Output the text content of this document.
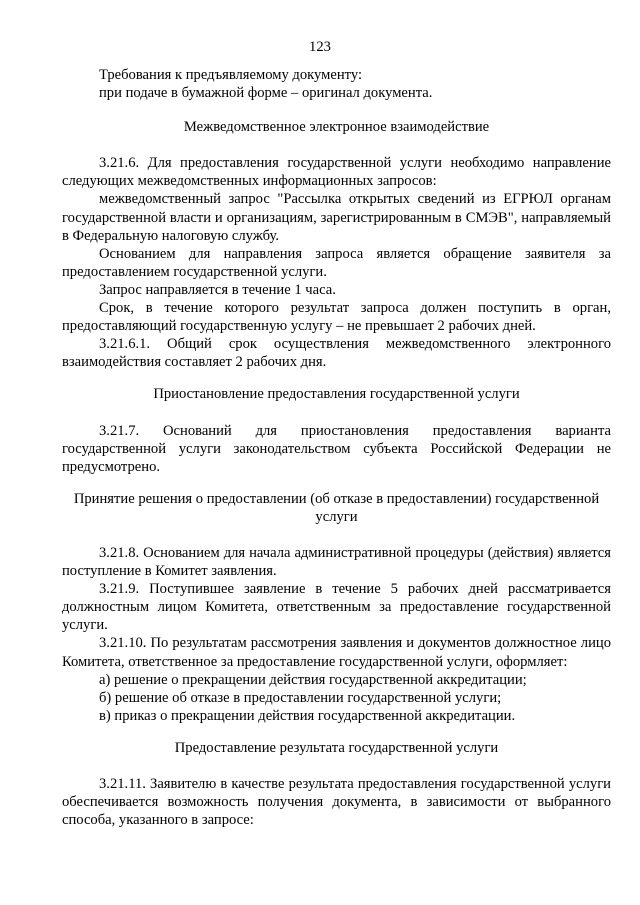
123

Требования к предъявляемому документу:

при подаче в бумажной форме – оригинал документа.

Межведомственное электронное взаимодействие

3.21.6. Для предоставления государственной услуги необходимо направление следующих межведомственных информационных запросов:

межведомственный запрос "Рассылка открытых сведений из ЕГРЮЛ органам государственной власти и организациям, зарегистрированным в СМЭВ", направляемый в Федеральную налоговую службу.

Основанием для направления запроса является обращение заявителя за предоставлением государственной услуги.

Запрос направляется в течение 1 часа.

Срок, в течение которого результат запроса должен поступить в орган, предоставляющий государственную услугу – не превышает 2 рабочих дней.

3.21.6.1. Общий срок осуществления межведомственного электронного взаимодействия составляет 2 рабочих дня.

Приостановление предоставления государственной услуги

3.21.7. Оснований для приостановления предоставления варианта государственной услуги законодательством субъекта Российской Федерации не предусмотрено.

Принятие решения о предоставлении (об отказе в предоставлении) государственной услуги

3.21.8. Основанием для начала административной процедуры (действия) является поступление в Комитет заявления.

3.21.9. Поступившее заявление в течение 5 рабочих дней рассматривается должностным лицом Комитета, ответственным за предоставление государственной услуги.

3.21.10. По результатам рассмотрения заявления и документов должностное лицо Комитета, ответственное за предоставление государственной услуги, оформляет:

а) решение о прекращении действия государственной аккредитации;

б) решение об отказе в предоставлении государственной услуги;

в) приказ о прекращении действия государственной аккредитации.

Предоставление результата государственной услуги

3.21.11. Заявителю в качестве результата предоставления государственной услуги обеспечивается возможность получения документа, в зависимости от выбранного способа, указанного в запросе:
